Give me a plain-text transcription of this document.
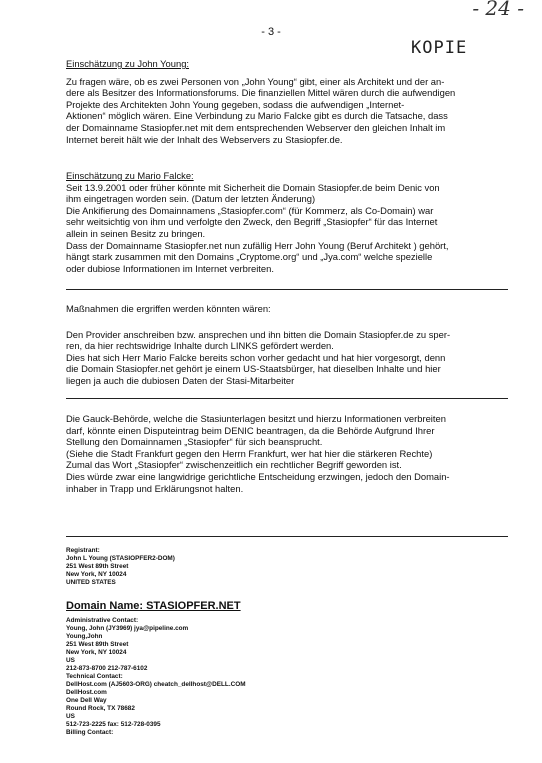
- 24 -
- 3 -
KOPIE

Einschätzung zu John Young:

Zu fragen wäre, ob es zwei Personen von „John Young“ gibt, einer als Architekt und der an-

dere als Besitzer des Informationsforums. Die finanziellen Mittel wären durch die aufwendigen

Projekte des Architekten John Young gegeben, sodass die aufwendigen „Internet-

Aktionen“ möglich wären. Eine Verbindung zu Mario Falcke gibt es durch die Tatsache, dass

der Domainname Stasiopfer.net mit dem entsprechenden Webserver den gleichen Inhalt im

Internet bereit hält wie der Inhalt des Webservers zu Stasiopfer.de.

Einschätzung zu Mario Falcke:

Seit 13.9.2001 oder früher könnte mit Sicherheit die Domain Stasiopfer.de beim Denic von

ihm eingetragen worden sein. (Datum der letzten Änderung)

Die Ankifierung des Domainnamens „Stasiopfer.com“ (für Kommerz, als Co-Domain) war

sehr weitsichtig von ihm und verfolgte den Zweck, den Begriff „Stasiopfer“ für das Internet

allein in seinen Besitz zu bringen.

Dass der Domainname Stasiopfer.net nun zufällig Herr John Young (Beruf Architekt ) gehört,

hängt stark zusammen mit den Domains „Cryptome.org“ und „Jya.com“ welche spezielle

oder dubiose Informationen im Internet verbreiten.

Maßnahmen die ergriffen werden könnten wären:

Den Provider anschreiben bzw. ansprechen und ihn bitten die Domain Stasiopfer.de zu sper-

ren, da hier rechtswidrige Inhalte durch LINKS gefördert werden.

Dies hat sich Herr Mario Falcke bereits schon vorher gedacht und hat hier vorgesorgt, denn

die Domain Stasiopfer.net gehört je einem US-Staatsbürger, hat dieselben Inhalte und hier

liegen ja auch die dubiosen Daten der Stasi-Mitarbeiter

Die Gauck-Behörde, welche die Stasiunterlagen besitzt und hierzu Informationen verbreiten

darf, könnte einen Disputeintrag beim DENIC beantragen, da die Behörde Aufgrund Ihrer

Stellung den Domainnamen „Stasiopfer“ für sich beansprucht.

(Siehe die Stadt Frankfurt gegen den Herrn Frankfurt, wer hat hier die stärkeren Rechte)

Zumal das Wort „Stasiopfer“ zwischenzeitlich ein rechtlicher Begriff geworden ist.

Dies würde zwar eine langwidrige gerichtliche Entscheidung erzwingen, jedoch den Domain-

inhaber in Trapp und Erklärungsnot halten.

Registrant:

John L Young (STASIOPFER2-DOM)

251 West 89th Street

New York, NY 10024

UNITED STATES

Domain Name: STASIOPFER.NET

Administrative Contact:

Young, John (JY3969) jya@pipeline.com

Young,John

251 West 89th Street

New York, NY 10024

US

212-873-8700 212-787-6102

Technical Contact:

DellHost.com (AJ5603-ORG) cheatch_dellhost@DELL.COM

DellHost.com

One Dell Way

Round Rock, TX 78682

US

512-723-2225 fax: 512-728-0395

Billing Contact:
